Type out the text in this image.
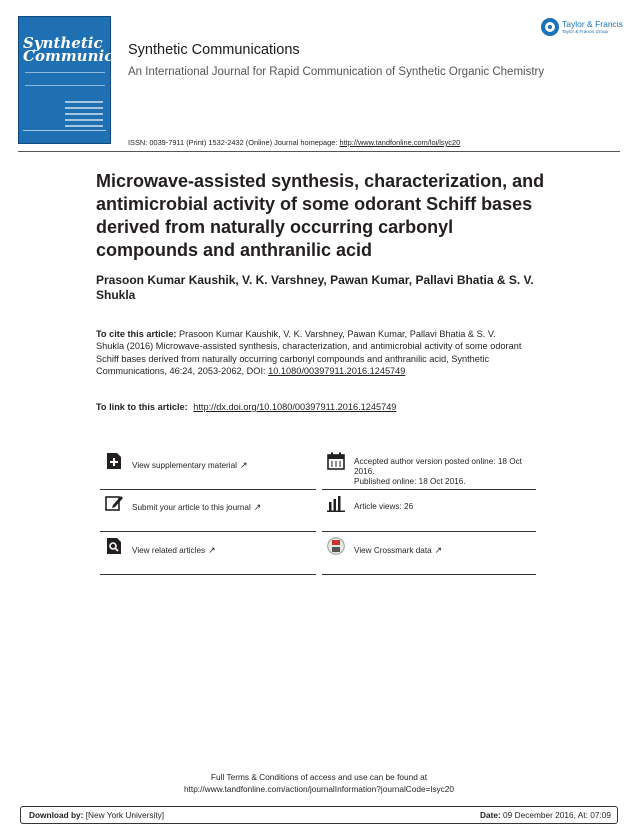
Synthetic
Communications
Synthetic Communications
An International Journal for Rapid Communication of Synthetic Organic Chemistry
ISSN: 0039-7911 (Print) 1532-2432 (Online) Journal homepage: http://www.tandfonline.com/loi/lsyc20
Taylor & Francis
Taylor & Francis Group
Microwave-assisted synthesis, characterization, and antimicrobial activity of some odorant Schiff bases derived from naturally occurring carbonyl compounds and anthranilic acid

Prasoon Kumar Kaushik, V. K. Varshney, Pawan Kumar, Pallavi Bhatia & S. V. Shukla

To cite this article: Prasoon Kumar Kaushik, V. K. Varshney, Pawan Kumar, Pallavi Bhatia & S. V. Shukla (2016) Microwave-assisted synthesis, characterization, and antimicrobial activity of some odorant Schiff bases derived from naturally occurring carbonyl compounds and anthranilic acid, Synthetic Communications, 46:24, 2053-2062, DOI: 10.1080/00397911.2016.1245749

To link to this article: http://dx.doi.org/10.1080/00397911.2016.1245749

View supplementary material ↗	Accepted author version posted online: 18 Oct 2016.
Published online: 18 Oct 2016.
Submit your article to this journal ↗	Article views: 26
View related articles ↗	View Crossmark data ↗
Full Terms & Conditions of access and use can be found at
http://www.tandfonline.com/action/journalInformation?journalCode=lsyc20
Download by: [New York University]	Date: 09 December 2016, At: 07:09
